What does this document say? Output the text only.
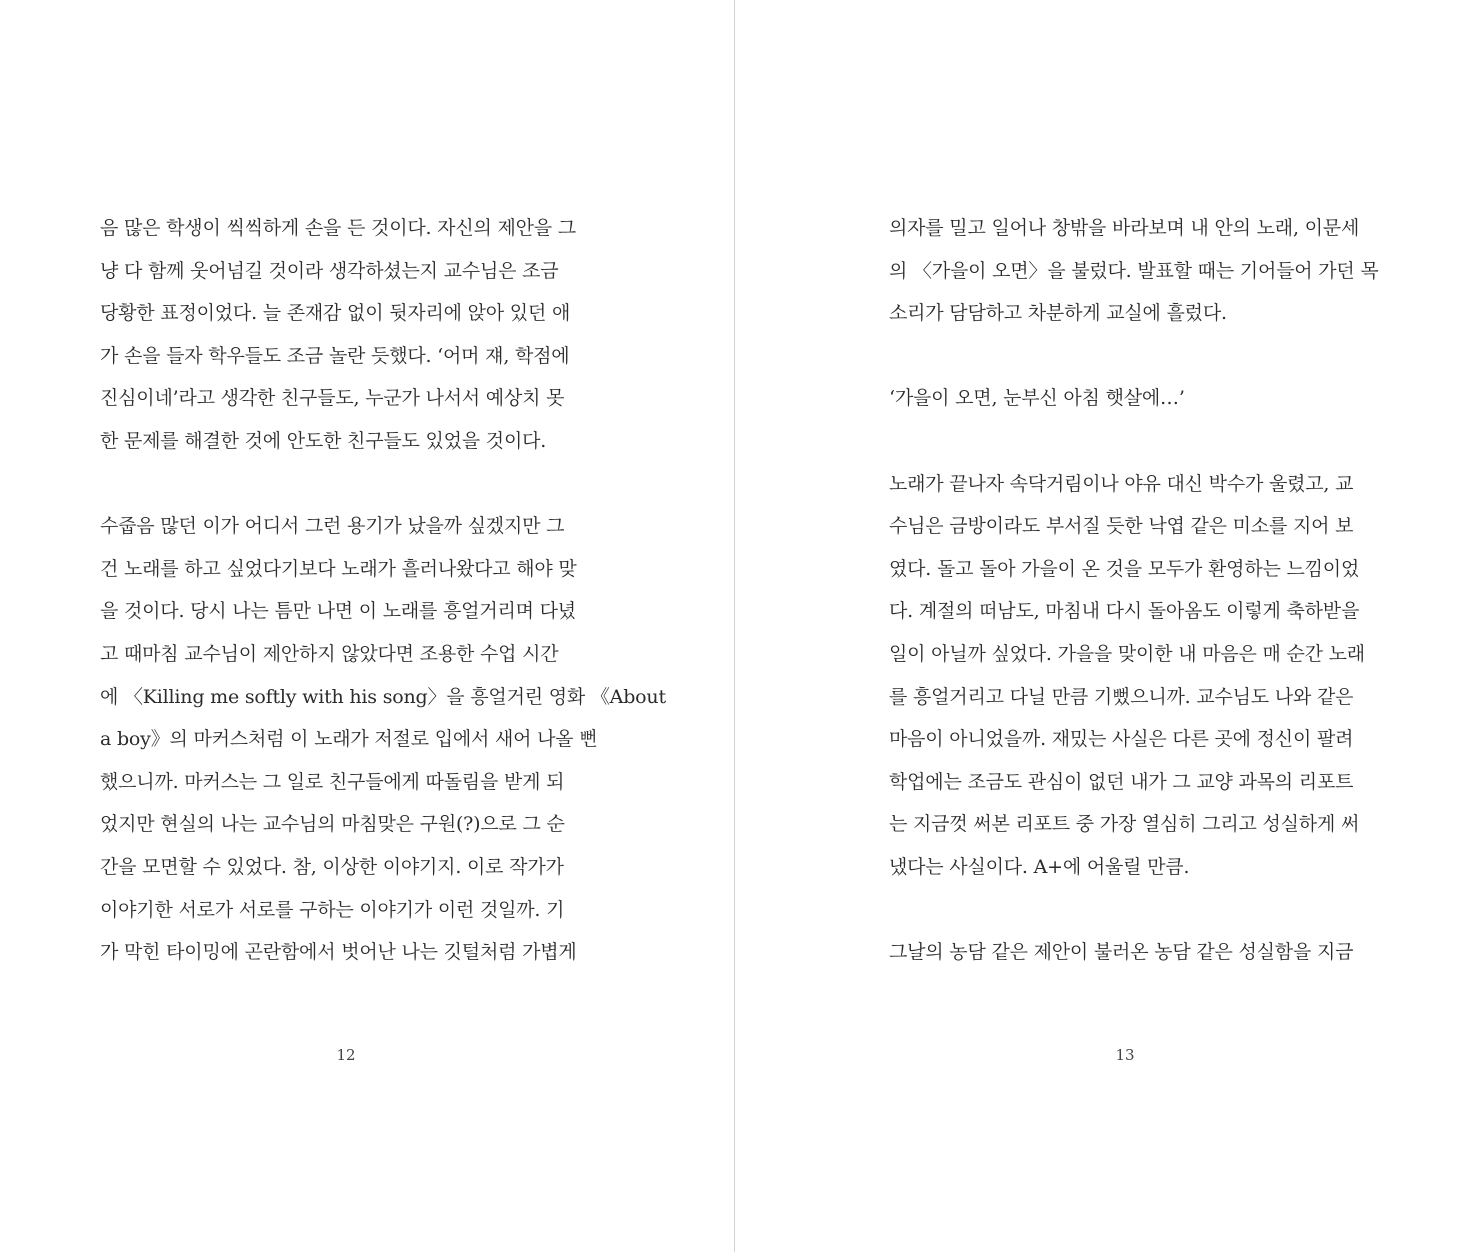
음 많은 학생이 씩씩하게 손을 든 것이다. 자신의 제안을 그
냥 다 함께 웃어넘길 것이라 생각하셨는지 교수님은 조금
당황한 표정이었다. 늘 존재감 없이 뒷자리에 앉아 있던 애
가 손을 들자 학우들도 조금 놀란 듯했다. ‘어머 쟤, 학점에
진심이네’라고 생각한 친구들도, 누군가 나서서 예상치 못
한 문제를 해결한 것에 안도한 친구들도 있었을 것이다.

수줍음 많던 이가 어디서 그런 용기가 났을까 싶겠지만 그
건 노래를 하고 싶었다기보다 노래가 흘러나왔다고 해야 맞
을 것이다. 당시 나는 틈만 나면 이 노래를 흥얼거리며 다녔
고 때마침 교수님이 제안하지 않았다면 조용한 수업 시간
에 〈Killing me softly with his song〉을 흥얼거린 영화 《About
a boy》의 마커스처럼 이 노래가 저절로 입에서 새어 나올 뻔
했으니까. 마커스는 그 일로 친구들에게 따돌림을 받게 되
었지만 현실의 나는 교수님의 마침맞은 구원(?)으로 그 순
간을 모면할 수 있었다. 참, 이상한 이야기지. 이로 작가가
이야기한 서로가 서로를 구하는 이야기가 이런 것일까. 기
가 막힌 타이밍에 곤란함에서 벗어난 나는 깃털처럼 가볍게

12

의자를 밀고 일어나 창밖을 바라보며 내 안의 노래, 이문세
의 〈가을이 오면〉을 불렀다. 발표할 때는 기어들어 가던 목
소리가 담담하고 차분하게 교실에 흘렀다.

‘가을이 오면, 눈부신 아침 햇살에…’

노래가 끝나자 속닥거림이나 야유 대신 박수가 울렸고, 교
수님은 금방이라도 부서질 듯한 낙엽 같은 미소를 지어 보
였다. 돌고 돌아 가을이 온 것을 모두가 환영하는 느낌이었
다. 계절의 떠남도, 마침내 다시 돌아옴도 이렇게 축하받을
일이 아닐까 싶었다. 가을을 맞이한 내 마음은 매 순간 노래
를 흥얼거리고 다닐 만큼 기뻤으니까. 교수님도 나와 같은
마음이 아니었을까. 재밌는 사실은 다른 곳에 정신이 팔려
학업에는 조금도 관심이 없던 내가 그 교양 과목의 리포트
는 지금껏 써본 리포트 중 가장 열심히 그리고 성실하게 써
냈다는 사실이다. A+에 어울릴 만큼.

그날의 농담 같은 제안이 불러온 농담 같은 성실함을 지금

13
